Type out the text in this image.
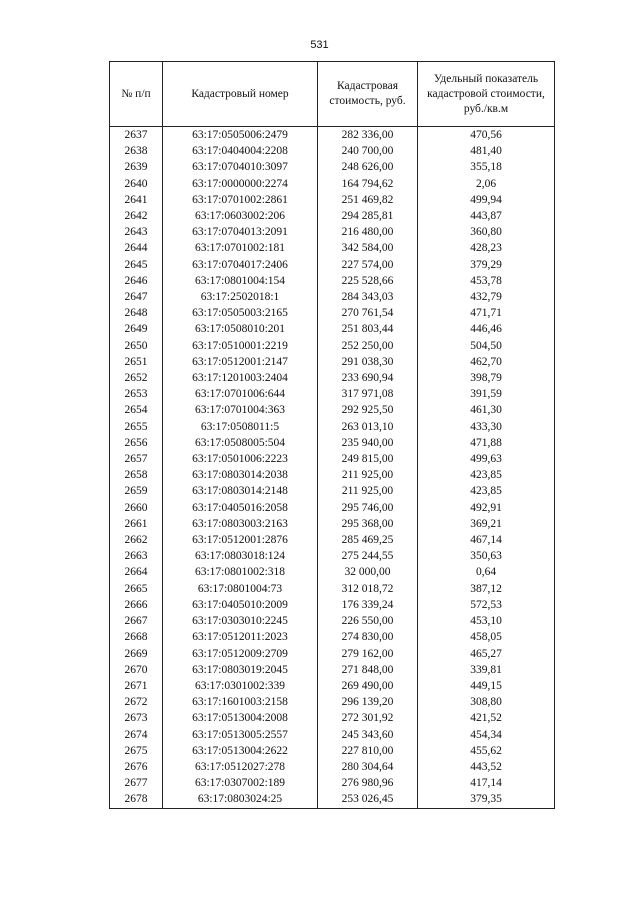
531
№ п/п	Кадастровый номер	Кадастровая стоимость, руб.	Удельный показатель кадастровой стоимости, руб./кв.м
2637	63:17:0505006:2479	282 336,00	470,56
2638	63:17:0404004:2208	240 700,00	481,40
2639	63:17:0704010:3097	248 626,00	355,18
2640	63:17:0000000:2274	164 794,62	2,06
2641	63:17:0701002:2861	251 469,82	499,94
2642	63:17:0603002:206	294 285,81	443,87
2643	63:17:0704013:2091	216 480,00	360,80
2644	63:17:0701002:181	342 584,00	428,23
2645	63:17:0704017:2406	227 574,00	379,29
2646	63:17:0801004:154	225 528,66	453,78
2647	63:17:2502018:1	284 343,03	432,79
2648	63:17:0505003:2165	270 761,54	471,71
2649	63:17:0508010:201	251 803,44	446,46
2650	63:17:0510001:2219	252 250,00	504,50
2651	63:17:0512001:2147	291 038,30	462,70
2652	63:17:1201003:2404	233 690,94	398,79
2653	63:17:0701006:644	317 971,08	391,59
2654	63:17:0701004:363	292 925,50	461,30
2655	63:17:0508011:5	263 013,10	433,30
2656	63:17:0508005:504	235 940,00	471,88
2657	63:17:0501006:2223	249 815,00	499,63
2658	63:17:0803014:2038	211 925,00	423,85
2659	63:17:0803014:2148	211 925,00	423,85
2660	63:17:0405016:2058	295 746,00	492,91
2661	63:17:0803003:2163	295 368,00	369,21
2662	63:17:0512001:2876	285 469,25	467,14
2663	63:17:0803018:124	275 244,55	350,63
2664	63:17:0801002:318	32 000,00	0,64
2665	63:17:0801004:73	312 018,72	387,12
2666	63:17:0405010:2009	176 339,24	572,53
2667	63:17:0303010:2245	226 550,00	453,10
2668	63:17:0512011:2023	274 830,00	458,05
2669	63:17:0512009:2709	279 162,00	465,27
2670	63:17:0803019:2045	271 848,00	339,81
2671	63:17:0301002:339	269 490,00	449,15
2672	63:17:1601003:2158	296 139,20	308,80
2673	63:17:0513004:2008	272 301,92	421,52
2674	63:17:0513005:2557	245 343,60	454,34
2675	63:17:0513004:2622	227 810,00	455,62
2676	63:17:0512027:278	280 304,64	443,52
2677	63:17:0307002:189	276 980,96	417,14
2678	63:17:0803024:25	253 026,45	379,35
